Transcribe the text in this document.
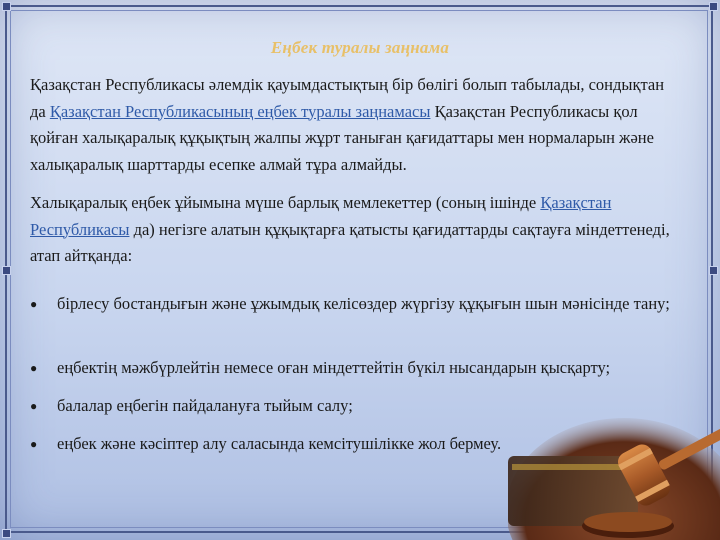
Еңбек туралы заңнама

Қазақстан Республикасы әлемдік қауымдастықтың бір бөлігі болып табылады, сондықтан да Қазақстан Республикасының еңбек туралы заңнамасы Қазақстан Республикасы қол қойған халықаралық құқықтың жалпы жұрт таныған қағидаттары мен нормаларын және халықаралық шарттарды есепке алмай тұра алмайды.

Халықаралық еңбек ұйымына мүше барлық мемлекеттер (соның ішінде Қазақстан Республикасы да) негізге алатын құқықтарға қатысты қағидаттарды сақтауға міндеттенеді, атап айтқанда:

●	бірлесу бостандығын және ұжымдық келісөздер жүргізу құқығын шын мәнісінде тану;
●	еңбектің мәжбүрлейтін немесе оған міндеттейтін бүкіл нысандарын қысқарту;
●	балалар еңбегін пайдалануға тыйым салу;
●	еңбек және кәсіптер алу саласында кемсітушілікке жол бермеу.
